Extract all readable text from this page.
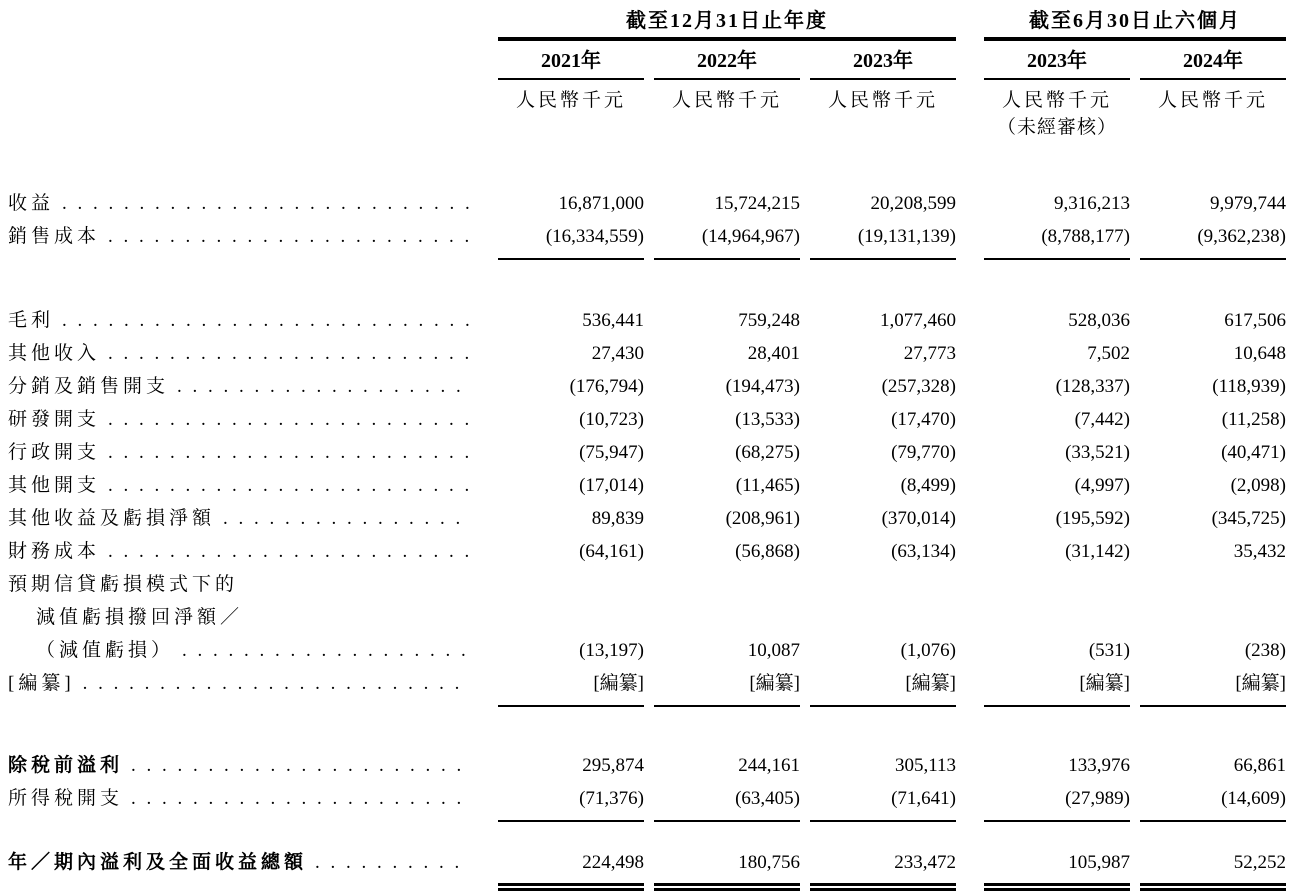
截至12月31日止年度	截至6月30日止六個月
2021年	2022年	2023年	2023年	2024年
人民幣千元	人民幣千元	人民幣千元	人民幣千元	人民幣千元
（未經審核）
收益 . . .	16,871,000	15,724,215	20,208,599	9,316,213	9,979,744
銷售成本 . . .	(16,334,559)	(14,964,967)	(19,131,139)	(8,788,177)	(9,362,238)
毛利 . . .	536,441	759,248	1,077,460	528,036	617,506
其他收入 . . .	27,430	28,401	27,773	7,502	10,648
分銷及銷售開支 . . .	(176,794)	(194,473)	(257,328)	(128,337)	(118,939)
研發開支 . . .	(10,723)	(13,533)	(17,470)	(7,442)	(11,258)
行政開支 . . .	(75,947)	(68,275)	(79,770)	(33,521)	(40,471)
其他開支 . . .	(17,014)	(11,465)	(8,499)	(4,997)	(2,098)
其他收益及虧損淨額 . . .	89,839	(208,961)	(370,014)	(195,592)	(345,725)
財務成本 . . .	(64,161)	(56,868)	(63,134)	(31,142)	35,432
預期信貸虧損模式下的
減值虧損撥回淨額／
（減值虧損） . . .	(13,197)	10,087	(1,076)	(531)	(238)
[編纂] . . .	[編纂]	[編纂]	[編纂]	[編纂]	[編纂]
除稅前溢利 . . .	295,874	244,161	305,113	133,976	66,861
所得稅開支 . . .	(71,376)	(63,405)	(71,641)	(27,989)	(14,609)
年／期內溢利及全面收益總額 . . .	224,498	180,756	233,472	105,987	52,252
